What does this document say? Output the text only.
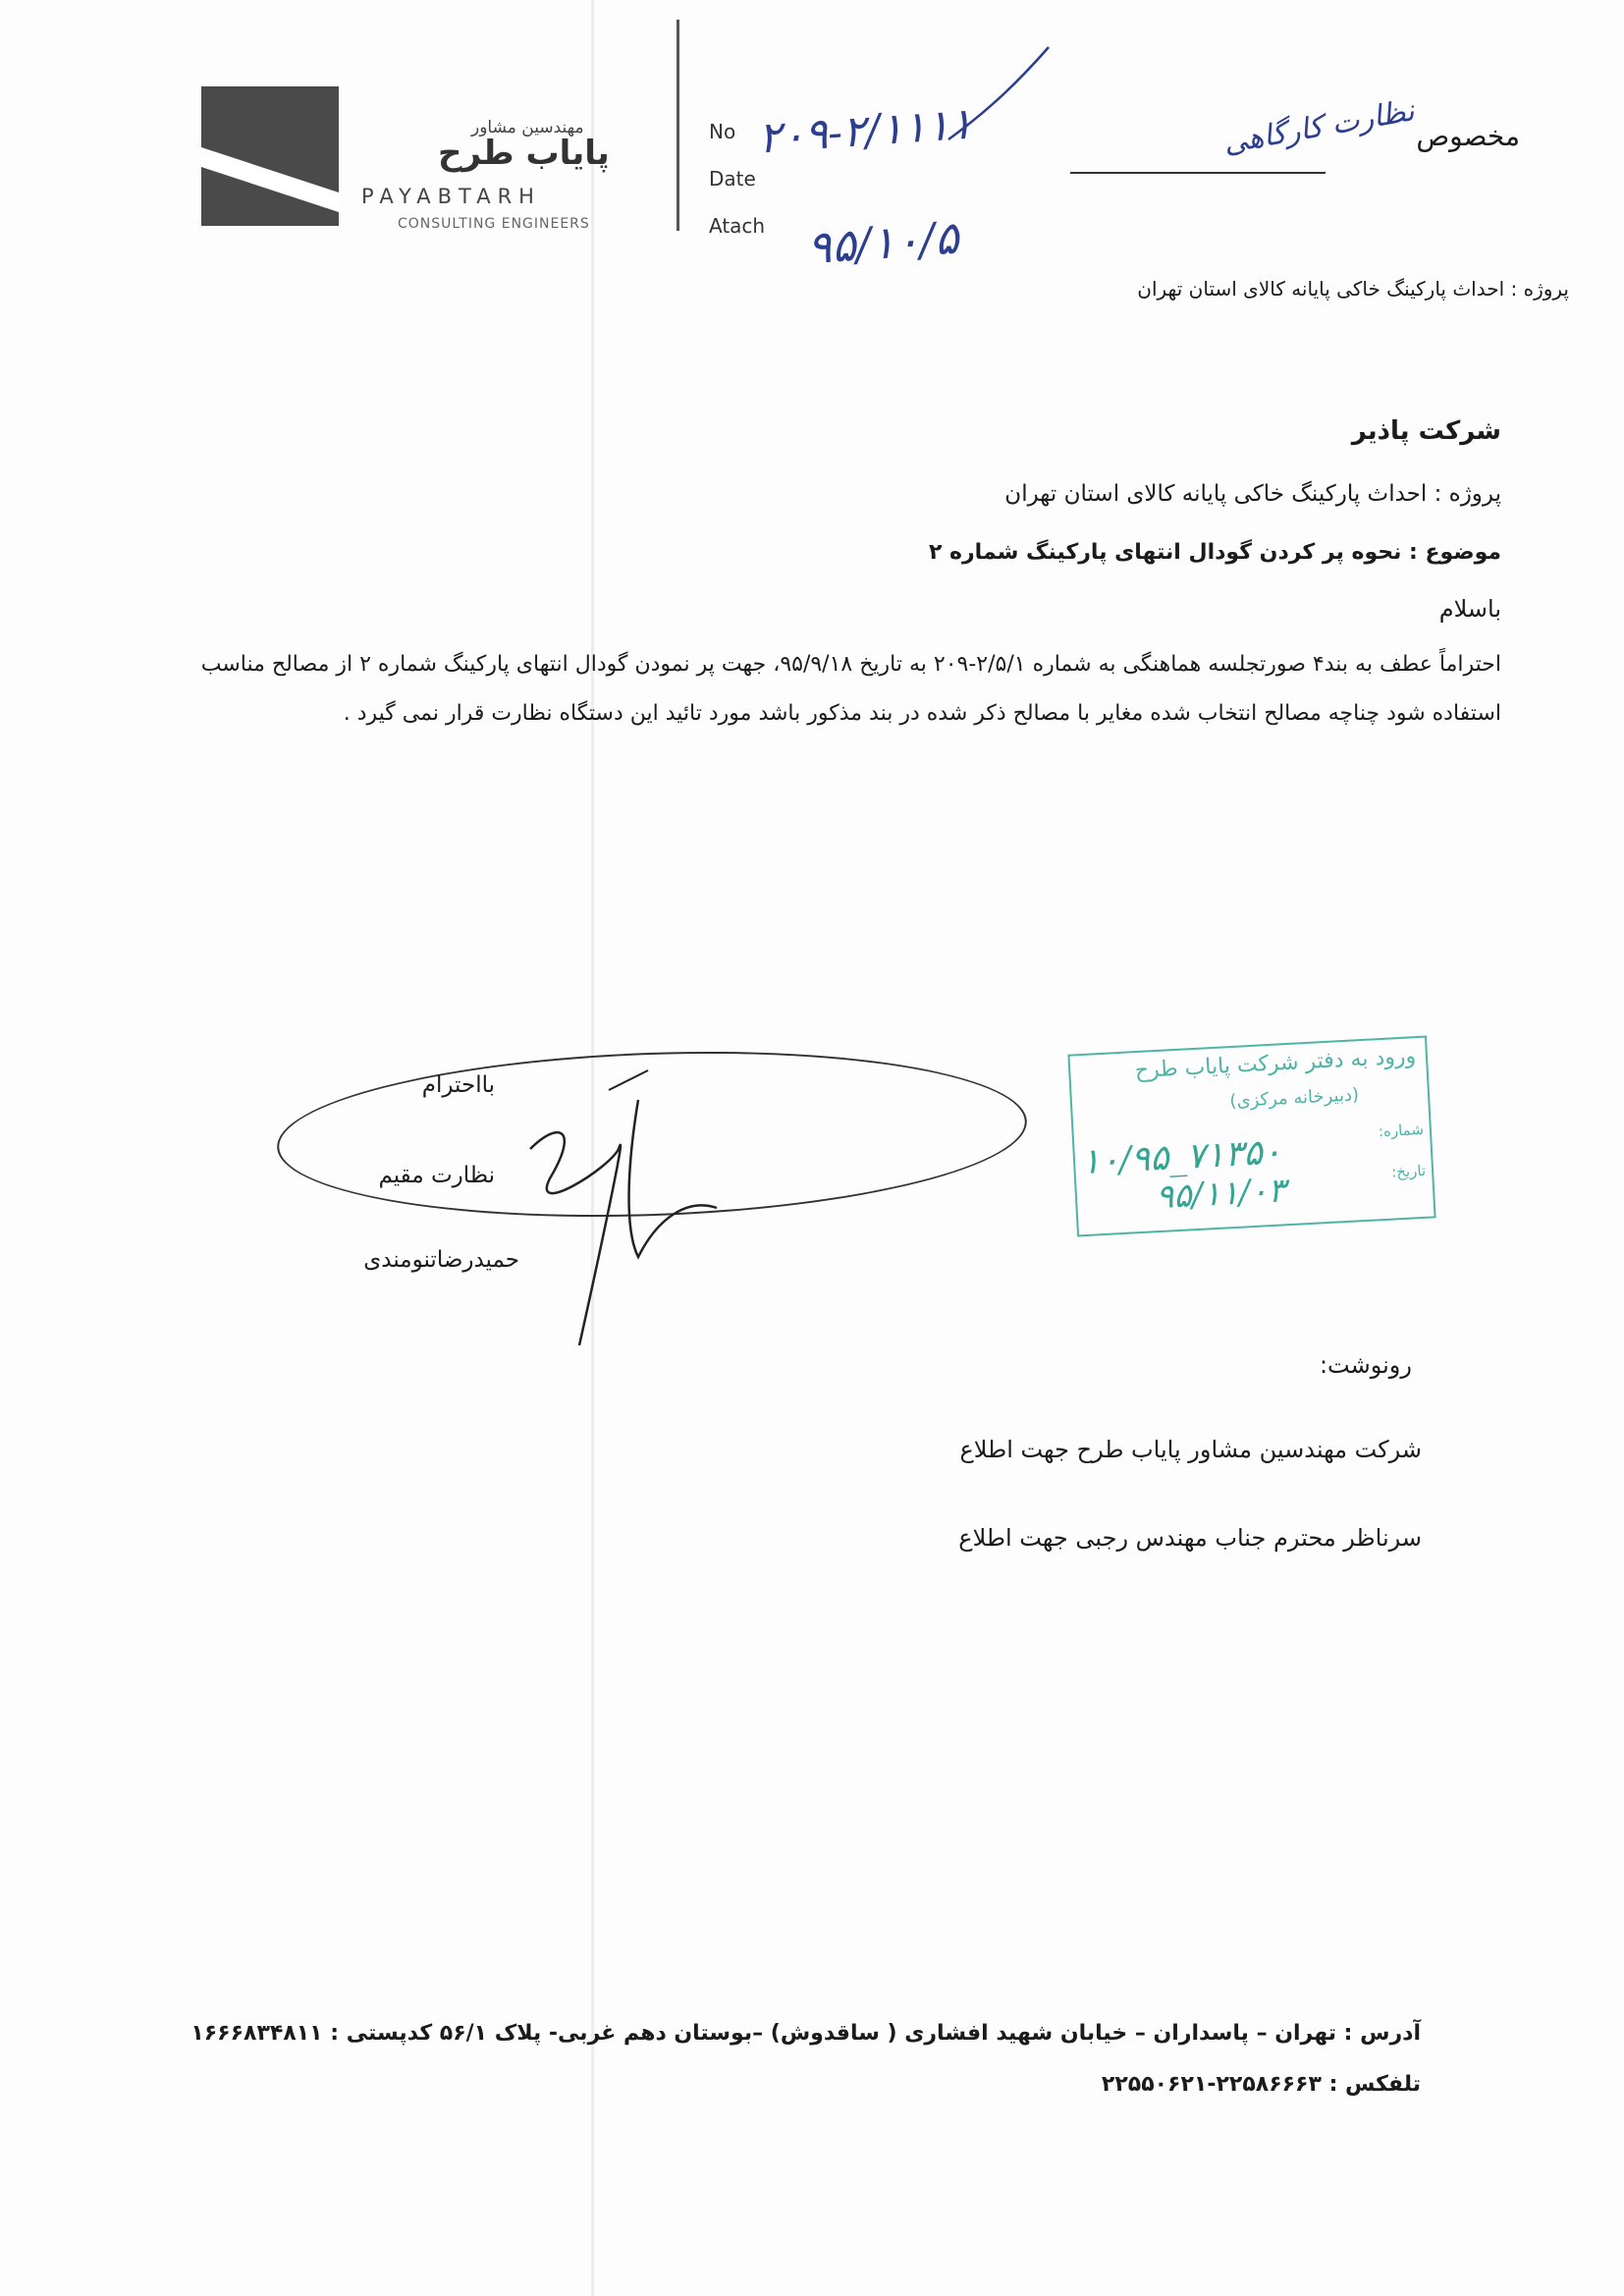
مهندسین مشاور
پایاب طرح
PAYABTARH
CONSULTING ENGINEERS
No
Date
Atach
۲۰۹-۲/۱۱۱۱
۹۵/۱۰/۵
مخصوص
نظارت کارگاهی
پروژه : احداث پارکینگ خاکی پایانه کالای استان تهران
شرکت پاذیر
پروژه : احداث پارکینگ خاکی پایانه کالای استان تهران
موضوع : نحوه پر کردن گودال انتهای پارکینگ شماره ۲
باسلام
احتراماً عطف به بند۴ صورتجلسه هماهنگی به شماره ۲/۵/۱-۲۰۹ به تاریخ ۹۵/۹/۱۸، جهت پر نمودن گودال انتهای پارکینگ شماره ۲ از مصالح مناسب استفاده شود چناچه مصالح انتخاب شده مغایر با مصالح ذکر شده در بند مذکور باشد مورد تائید این دستگاه نظارت قرار نمی گیرد .
بااحترام
نظارت مقیم
حمیدرضاتنومندی
ورود به دفتر شرکت پایاب طرح
(دبیرخانه مرکزی)
شماره:
تاریخ:
۱۰/۹۵_۷۱۳۵۰
۹۵/۱۱/۰۳
رونوشت:
شرکت مهندسین مشاور پایاب طرح جهت اطلاع
سرناظر محترم جناب مهندس رجبی جهت اطلاع
آدرس : تهران – پاسداران – خیابان شهید افشاری ( ساقدوش) –بوستان دهم غربی- پلاک ۵۶/۱ کدپستی : ۱۶۶۶۸۳۴۸۱۱
تلفکس : ۲۲۵۸۶۶۶۳-۲۲۵۵۰۶۲۱
